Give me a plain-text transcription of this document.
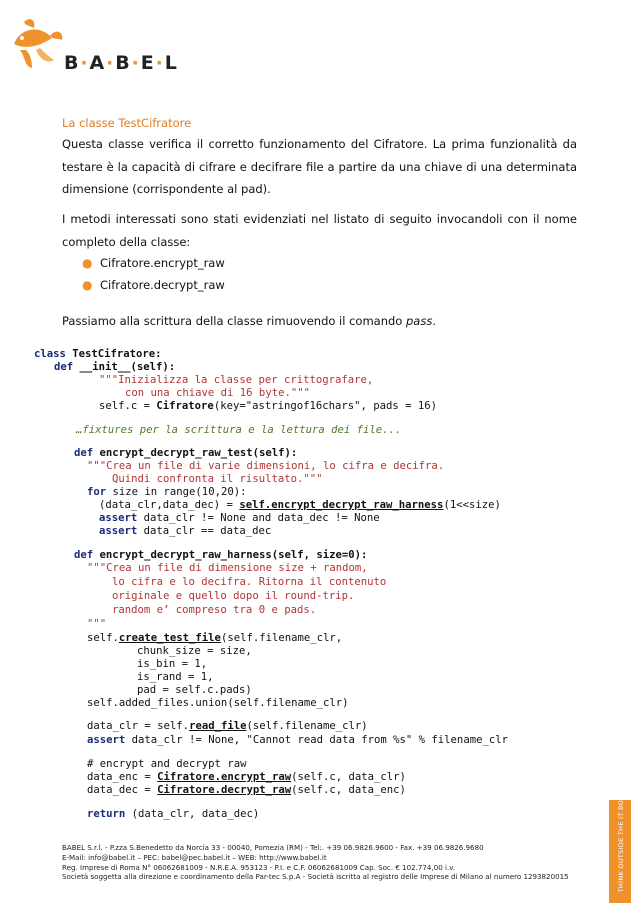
B  ·  A  ·  B  ·  E  ·  L
La classe TestCifratore
Questa classe verifica il corretto funzionamento del Cifratore. La prima funzionalità da testare è la capacità di cifrare e decifrare file a partire da una chiave di una determinata dimensione (corrispondente al pad).
I metodi interessati sono stati evidenziati nel listato di seguito invocandoli con il nome completo della classe:
● Cifratore.encrypt_raw
● Cifratore.decrypt_raw
Passiamo alla scrittura della classe rimuovendo il comando pass.

class TestCifratore:

def __init__(self):

"""Inizializza la classe per crittografare,

con una chiave di 16 byte."""

self.c = Cifratore(key="astringof16chars", pads = 16)

…fixtures per la scrittura e la lettura dei file...

def encrypt_decrypt_raw_test(self):

"""Crea un file di varie dimensioni, lo cifra e decifra.

Quindi confronta il risultato."""

for size in range(10,20):

(data_clr,data_dec) = self.encrypt_decrypt_raw_harness(1<<size)

assert data_clr != None and data_dec != None

assert data_clr == data_dec

def encrypt_decrypt_raw_harness(self, size=0):

"""Crea un file di dimensione size + random,

lo cifra e lo decifra. Ritorna il contenuto

originale e quello dopo il round-trip.

random e’ compreso tra 0 e pads.

"""

self.create_test_file(self.filename_clr,

chunk_size = size,

is_bin = 1,

is_rand = 1,

pad = self.c.pads)

self.added_files.union(self.filename_clr)

data_clr = self.read_file(self.filename_clr)

assert data_clr != None, "Cannot read data from %s" % filename_clr

# encrypt and decrypt raw

data_enc = Cifratore.encrypt_raw(self.c, data_clr)

data_dec = Cifratore.decrypt_raw(self.c, data_enc)

return (data_clr, data_dec)

BABEL S.r.l. - P.zza S.Benedetto da Norcia 33 - 00040, Pomezia (RM) - Tel:. +39 06.9826.9600 - Fax. +39 06.9826.9680
E-Mail: info@babel.it – PEC: babel@pec.babel.it – WEB: http://www.babel.it
Reg. Imprese di Roma N° 06062681009 - N.R.E.A. 953123 - P.I. e C.F. 06062681009 Cap. Soc. € 102.774,00 i.v.
Società soggetta alla direzione e coordinamento della Par-tec S.p.A - Società iscritta al registro delle Imprese di Milano al numero 1293820015	THINK OUTSIDE THE IT BOX
